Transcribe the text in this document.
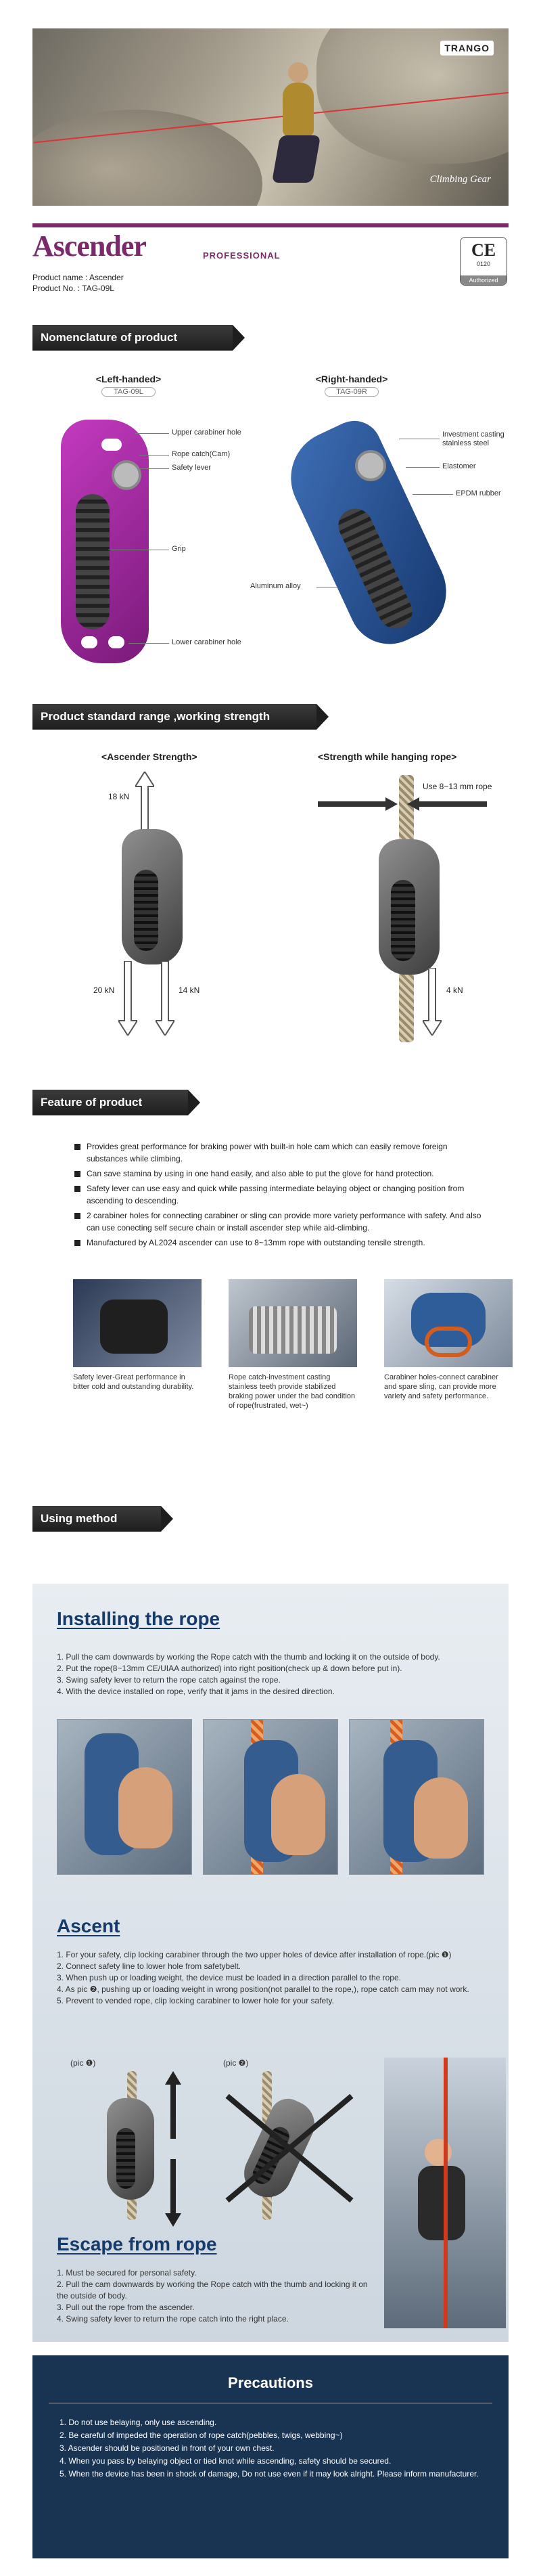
TRANGO
Climbing Gear
Ascender	PROFESSIONAL
Product name : Ascender
Product No. : TAG-09L
CE
0120
Authorized
Nomenclature of product
<Left-handed>
TAG-09L
<Right-handed>
TAG-09R
Upper carabiner hole
Rope catch(Cam)
Safety lever
Grip
Lower carabiner hole
Investment casting stainless steel
Elastomer
EPDM rubber
Aluminum alloy
Product standard range ,working strength
<Ascender Strength>	<Strength while hanging rope>
18 kN
20 kN	14 kN
Use 8~13 mm rope
4 kN
Feature of product
Provides great performance for braking power with built-in hole cam which can easily remove foreign substances while climbing.
Can save stamina by using in one hand easily, and also able to put the glove for hand protection.
Safety lever can use easy and quick while passing intermediate belaying object or changing position from ascending to descending.
2 carabiner holes for connecting carabiner or sling can provide more variety performance with safety. And also can use conecting self secure chain or install ascender step while aid-climbing.
Manufactured by AL2024 ascender can use to 8~13mm rope with outstanding tensile strength.
Safety lever-Great performance in bitter cold and outstanding durability.
Rope catch-investment casting stainless teeth provide stabilized braking power under the bad condition of rope(frustrated, wet~)
Carabiner holes-connect carabiner and spare sling, can provide more variety and safety performance.
Using method
Installing the rope
1. Pull the cam downwards by working the Rope catch with the thumb and locking it on the outside of body.
2. Put the rope(8~13mm CE/UIAA authorized) into right position(check up & down before put in).
3. Swing safety lever to return the rope catch against the rope.
4. With the device installed on rope, verify that it jams in the desired direction.
Ascent
1. For your safety, clip locking carabiner through the two upper holes of device after installation of rope.(pic ❶)
2. Connect safety line to lower hole from safetybelt.
3. When push up or loading weight, the device must be loaded in a direction parallel to the rope.
4. As pic ❷, pushing up or loading weight in wrong position(not parallel to the rope,), rope catch cam may not work.
5. Prevent to vended rope, clip locking carabiner to lower hole for your safety.
(pic ❶)	(pic ❷)
Escape from rope
1. Must be secured for personal safety.
2. Pull the cam downwards by working the Rope catch with the thumb and locking it on the outside of body.
3. Pull out the rope from the ascender.
4. Swing safety lever to return the rope catch into the right place.
Precautions
1. Do not use belaying, only use ascending.
2. Be careful of impeded the operation of rope catch(pebbles, twigs, webbing~)
3. Ascender should be positioned in front of your own chest.
4. When you pass by belaying object or tied knot while ascending, safety should be secured.
5. When the device has been in shock of damage, Do not use even if it may look alright. Please inform manufacturer.
